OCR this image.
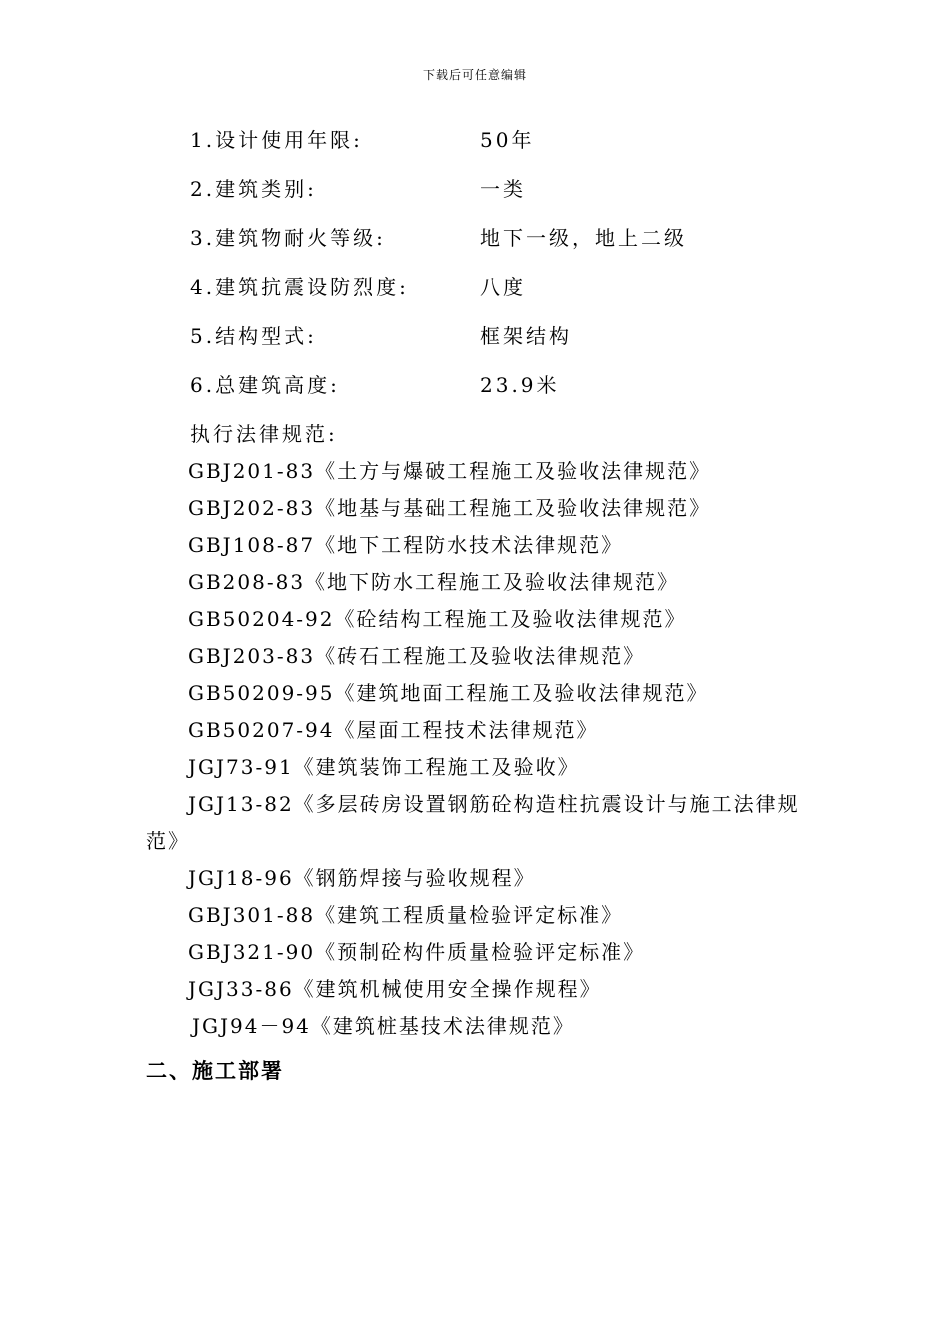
下载后可任意编辑
1.设计使用年限:	50年
2.建筑类别:	一类
3.建筑物耐火等级:	地下一级，地上二级
4.建筑抗震设防烈度:	八度
5.结构型式:	框架结构
6.总建筑高度:	23.9米
执行法律规范:
GBJ201-83《土方与爆破工程施工及验收法律规范》
GBJ202-83《地基与基础工程施工及验收法律规范》
GBJ108-87《地下工程防水技术法律规范》
GB208-83《地下防水工程施工及验收法律规范》
GB50204-92《砼结构工程施工及验收法律规范》
GBJ203-83《砖石工程施工及验收法律规范》
GB50209-95《建筑地面工程施工及验收法律规范》
GB50207-94《屋面工程技术法律规范》
JGJ73-91《建筑装饰工程施工及验收》
JGJ13-82《多层砖房设置钢筋砼构造柱抗震设计与施工法律规范》
JGJ18-96《钢筋焊接与验收规程》
GBJ301-88《建筑工程质量检验评定标准》
GBJ321-90《预制砼构件质量检验评定标准》
JGJ33-86《建筑机械使用安全操作规程》
JGJ94－94《建筑桩基技术法律规范》
二、施工部署
